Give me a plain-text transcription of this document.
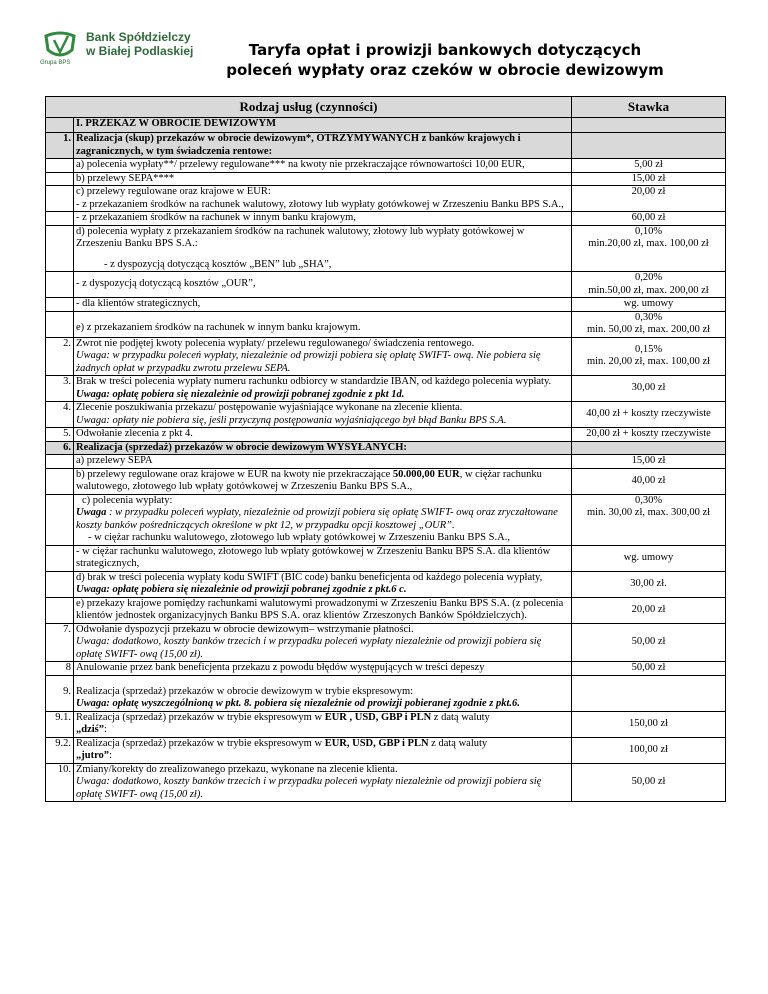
Bank Spółdzielczy
w Białej Podlaskiej
Grupa BPS
Taryfa opłat i prowizji bankowych dotyczących
poleceń wypłaty oraz czeków w obrocie dewizowym
Rodzaj usług (czynności)		Stawka
	I. PRZEKAZ W OBROCIE DEWIZOWYM	
1.	Realizacja (skup) przekazów w obrocie dewizowym*, OTRZYMYWANYCH z banków krajowych i zagranicznych, w tym świadczenia rentowe:	
	a) polecenia wypłaty**/ przelewy regulowane*** na kwoty nie przekraczające równowartości 10,00 EUR,	5,00 zł
	b) przelewy SEPA****	15,00 zł

	c) przelewy regulowane oraz krajowe w EUR:
- z przekazaniem środków na rachunek walutowy, złotowy lub wypłaty gotówkowej w Zrzeszeniu Banku BPS S.A.,	20,00 zł
	- z przekazaniem środków na rachunek w innym banku krajowym,	60,00 zł

	d) polecenia wypłaty z przekazaniem środków na rachunek walutowy, złotowy lub wypłaty gotówkowej w Zrzeszeniu Banku BPS S.A.:
- z dyspozycją dotyczącą kosztów „BEN” lub „SHA”,	0,10%
min.20,00 zł, max. 100,00 zł

	- z dyspozycją dotyczącą kosztów „OUR”,	0,20%
min.50,00 zł, max. 200,00 zł

	- dla klientów strategicznych,	wg. umowy
	e) z przekazaniem środków na rachunek w innym banku krajowym.	0,30%
min. 50,00 zł, max. 200,00 zł

2.	Zwrot nie podjętej kwoty polecenia wypłaty/ przelewu regulowanego/ świadczenia rentowego.
Uwaga: w przypadku poleceń wypłaty, niezależnie od prowizji pobiera się opłatę SWIFT- ową. Nie pobiera się żadnych opłat w przypadku zwrotu przelewu SEPA.	0,15%
min. 20,00 zł, max. 100,00 zł

3.	Brak w treści polecenia wypłaty numeru rachunku odbiorcy w standardzie IBAN, od każdego polecenia wypłaty.
Uwaga: opłatę pobiera się niezależnie od prowizji pobranej zgodnie z pkt 1d.	30,00 zł
4.	Zlecenie poszukiwania przekazu/ postępowanie wyjaśniające wykonane na zlecenie klienta.
Uwaga: opłaty nie pobiera się, jeśli przyczyną postępowania wyjaśniającego był błąd Banku BPS S.A.	40,00 zł + koszty rzeczywiste
5.	Odwołanie zlecenia z pkt 4.	20,00 zł + koszty rzeczywiste
6.	Realizacja (sprzedaż) przekazów w obrocie dewizowym WYSYŁANYCH:	
	a) przelewy SEPA	15,00 zł
	b) przelewy regulowane oraz krajowe w EUR na kwoty nie przekraczające 50.000,00 EUR, w ciężar rachunku walutowego, złotowego lub wpłaty gotówkowej w Zrzeszeniu Banku BPS S.A.,	40,00 zł

	c) polecenia wypłaty:
Uwaga : w przypadku poleceń wypłaty, niezależnie od prowizji pobiera się opłatę SWIFT- ową oraz zryczałtowane koszty banków pośredniczących określone w pkt 12, w przypadku opcji kosztowej „OUR”.
- w ciężar rachunku walutowego, złotowego lub wpłaty gotówkowej w Zrzeszeniu Banku BPS S.A.,	0,30%
min. 30,00 zł, max. 300,00 zł

	- w ciężar rachunku walutowego, złotowego lub wpłaty gotówkowej w Zrzeszeniu Banku BPS S.A. dla klientów strategicznych,	wg. umowy

	d) brak w treści polecenia wypłaty kodu SWIFT (BIC code) banku beneficjenta od każdego polecenia wypłaty,
Uwaga: opłatę pobiera się niezależnie od prowizji pobranej zgodnie z pkt.6 c.	30,00 zł.
	e) przekazy krajowe pomiędzy rachunkami walutowymi prowadzonymi w Zrzeszeniu Banku BPS S.A. (z polecenia klientów jednostek organizacyjnych Banku BPS S.A. oraz klientów Zrzeszonych Banków Spółdzielczych).	20,00 zł
7.	Odwołanie dyspozycji przekazu w obrocie dewizowym– wstrzymanie płatności.
Uwaga: dodatkowo, koszty banków trzecich i w przypadku poleceń wypłaty niezależnie od prowizji pobiera się opłatę SWIFT- ową (15,00 zł).	50,00 zł
8	Anulowanie przez bank beneficjenta przekazu z powodu błędów występujących w treści depeszy	50,00 zł
9.	Realizacja (sprzedaż) przekazów w obrocie dewizowym w trybie ekspresowym:
Uwaga: opłatę wyszczególnioną w pkt. 8. pobiera się niezależnie od prowizji pobieranej zgodnie z pkt.6.	

9.1.	Realizacja (sprzedaż) przekazów w trybie ekspresowym w EUR , USD, GBP i PLN z datą waluty
„dziś”:	150,00 zł
9.2.	Realizacja (sprzedaż) przekazów w trybie ekspresowym w EUR, USD, GBP i PLN z datą waluty
„jutro”:	100,00 zł
10.	Zmiany/korekty do zrealizowanego przekazu, wykonane na zlecenie klienta.
Uwaga: dodatkowo, koszty banków trzecich i w przypadku poleceń wypłaty niezależnie od prowizji pobiera się opłatę SWIFT- ową (15,00 zł).	50,00 zł
